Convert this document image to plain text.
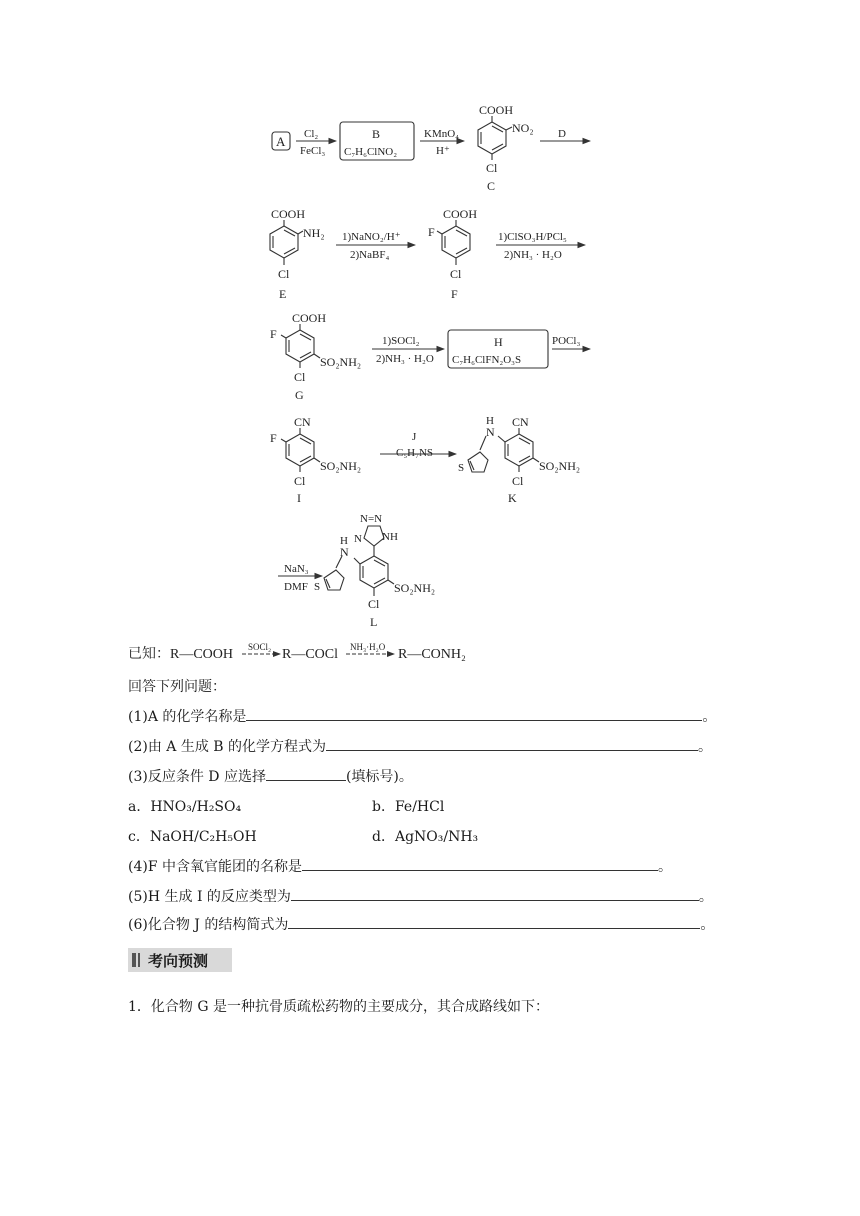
A Cl₂
FeCl₃
B
C₇H₆ClNO₂
KMnO₄
H⁺
COOH
NO₂
Cl
C
D
COOH
NH₂
Cl
E
1)NaNO₂/H⁺
2)NaBF₄
COOH
F
Cl
F
1)ClSO₃H/PCl₅
2)NH₃ · H₂O
COOH
F
SO₂NH₂
Cl
G
1)SOCl₂
2)NH₃ · H₂O
H
C₇H₆ClFN₂O₃S
POCl₃
CN
F
SO₂NH₂
Cl
I
J
C₅H₇NS
H
N
CN
S	SO₂NH₂
Cl
K
NaN₃
DMF
N=N
N NH
H
N
S	SO₂NH₂
Cl
L
已知：R—COOH SOCl₂ R—COCl NH₃·H₂O R—CONH₂
回答下列问题：
(1)A 的化学名称是	。
(2)由 A 生成 B 的化学方程式为	。
(3)反应条件 D 应选择	(填标号)。
a．HNO₃/H₂SO₄	b．Fe/HCl
c．NaOH/C₂H₅OH	d．AgNO₃/NH₃
(4)F 中含氧官能团的名称是	。
(5)H 生成 I 的反应类型为	。
(6)化合物 J 的结构简式为	。
考向预测
1．化合物 G 是一种抗骨质疏松药物的主要成分，其合成路线如下：
